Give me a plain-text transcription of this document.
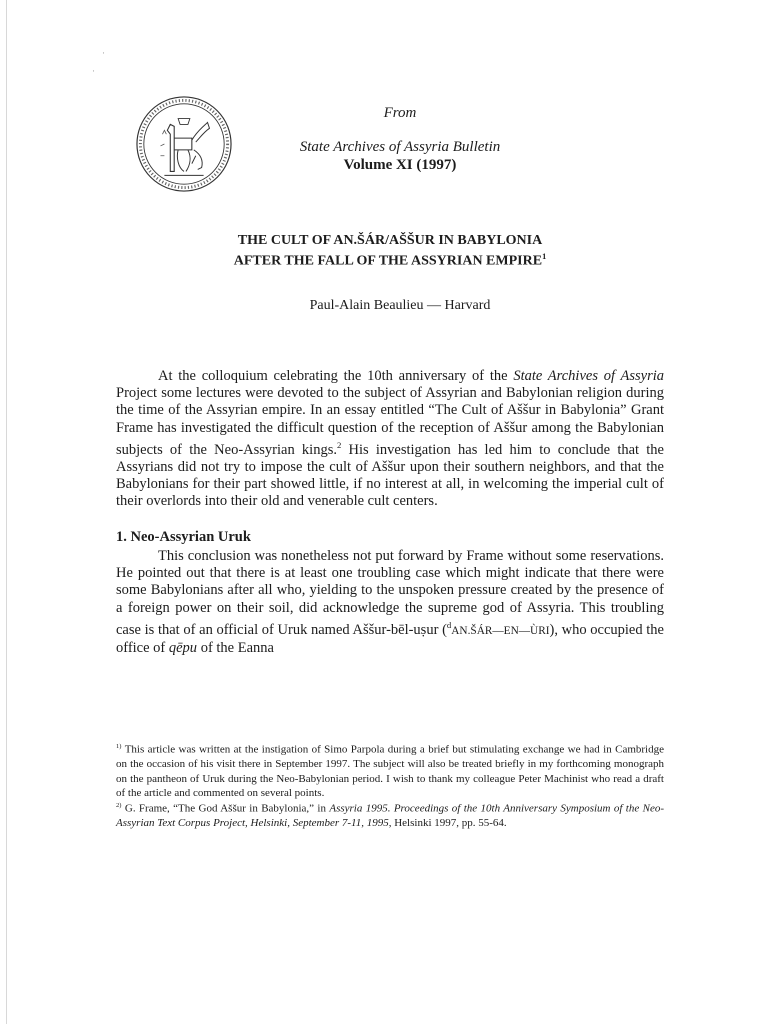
·
·
From
State Archives of Assyria Bulletin
Volume XI (1997)
THE CULT OF AN.ŠÁR/AŠŠUR IN BABYLONIA
AFTER THE FALL OF THE ASSYRIAN EMPIRE$^1$
Paul-Alain Beaulieu — Harvard
At the colloquium celebrating the 10th anniversary of the State Archives of Assyria Project some lectures were devoted to the subject of Assyrian and Babylonian religion during the time of the Assyrian empire. In an essay entitled “The Cult of Aššur in Babylonia” Grant Frame has investigated the difficult question of the reception of Aššur among the Babylonian subjects of the Neo-Assyrian kings.$^2$ His investigation has led him to conclude that the Assyrians did not try to impose the cult of Aššur upon their southern neighbors, and that the Babylonians for their part showed little, if no interest at all, in welcoming the imperial cult of their overlords into their old and venerable cult centers.
1. Neo-Assyrian Uruk
This conclusion was nonetheless not put forward by Frame without some reservations. He pointed out that there is at least one troubling case which might indicate that there were some Babylonians after all who, yielding to the unspoken pressure created by the presence of a foreign power on their soil, did acknowledge the supreme god of Assyria. This troubling case is that of an official of Uruk named Aššur-bēl-uṣur ($^d$AN.ŠÁR—EN—ÙRI), who occupied the office of qēpu of the Eanna
$^{1)}$ This article was written at the instigation of Simo Parpola during a brief but stimulating exchange we had in Cambridge on the occasion of his visit there in September 1997. The subject will also be treated briefly in my forthcoming monograph on the pantheon of Uruk during the Neo-Babylonian period. I wish to thank my colleague Peter Machinist who read a draft of the article and commented on several points.
$^{2)}$ G. Frame, “The God Aššur in Babylonia,” in Assyria 1995. Proceedings of the 10th Anniversary Symposium of the Neo-Assyrian Text Corpus Project, Helsinki, September 7-11, 1995, Helsinki 1997, pp. 55-64.
